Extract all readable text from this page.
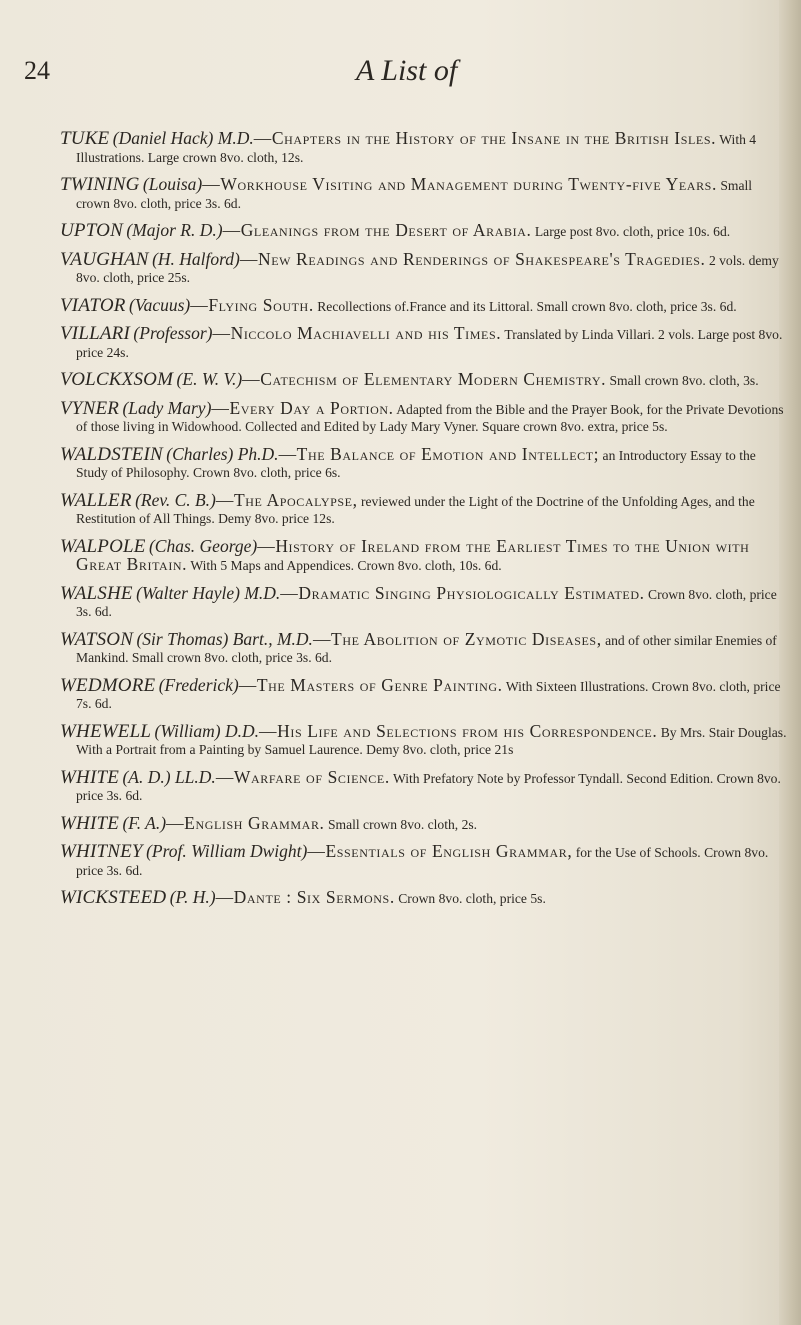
24	A List of

TUKE (Daniel Hack) M.D.—Chapters in the History of the Insane in the British Isles. With 4 Illustrations. Large crown 8vo. cloth, 12s.

TWINING (Louisa)—Workhouse Visiting and Management during Twenty-five Years. Small crown 8vo. cloth, price 3s. 6d.

UPTON (Major R. D.)—Gleanings from the Desert of Arabia. Large post 8vo. cloth, price 10s. 6d.

VAUGHAN (H. Halford)—New Readings and Renderings of Shakespeare's Tragedies. 2 vols. demy 8vo. cloth, price 25s.

VIATOR (Vacuus)—Flying South. Recollections of.France and its Littoral. Small crown 8vo. cloth, price 3s. 6d.

VILLARI (Professor)—Niccolo Machiavelli and his Times. Translated by Linda Villari. 2 vols. Large post 8vo. price 24s.

VOLCKXSOM (E. W. V.)—Catechism of Elementary Modern Chemistry. Small crown 8vo. cloth, 3s.

VYNER (Lady Mary)—Every Day a Portion. Adapted from the Bible and the Prayer Book, for the Private Devotions of those living in Widowhood. Collected and Edited by Lady Mary Vyner. Square crown 8vo. extra, price 5s.

WALDSTEIN (Charles) Ph.D.—The Balance of Emotion and Intellect; an Introductory Essay to the Study of Philosophy. Crown 8vo. cloth, price 6s.

WALLER (Rev. C. B.)—The Apocalypse, reviewed under the Light of the Doctrine of the Unfolding Ages, and the Restitution of All Things. Demy 8vo. price 12s.

WALPOLE (Chas. George)—History of Ireland from the Earliest Times to the Union with Great Britain. With 5 Maps and Appendices. Crown 8vo. cloth, 10s. 6d.

WALSHE (Walter Hayle) M.D.—Dramatic Singing Physiologically Estimated. Crown 8vo. cloth, price 3s. 6d.

WATSON (Sir Thomas) Bart., M.D.—The Abolition of Zymotic Diseases, and of other similar Enemies of Mankind. Small crown 8vo. cloth, price 3s. 6d.

WEDMORE (Frederick)—The Masters of Genre Painting. With Sixteen Illustrations. Crown 8vo. cloth, price 7s. 6d.

WHEWELL (William) D.D.—His Life and Selections from his Correspondence. By Mrs. Stair Douglas. With a Portrait from a Painting by Samuel Laurence. Demy 8vo. cloth, price 21s

WHITE (A. D.) LL.D.—Warfare of Science. With Prefatory Note by Professor Tyndall. Second Edition. Crown 8vo. price 3s. 6d.

WHITE (F. A.)—English Grammar. Small crown 8vo. cloth, 2s.

WHITNEY (Prof. William Dwight)—Essentials of English Grammar, for the Use of Schools. Crown 8vo. price 3s. 6d.

WICKSTEED (P. H.)—Dante : Six Sermons. Crown 8vo. cloth, price 5s.
